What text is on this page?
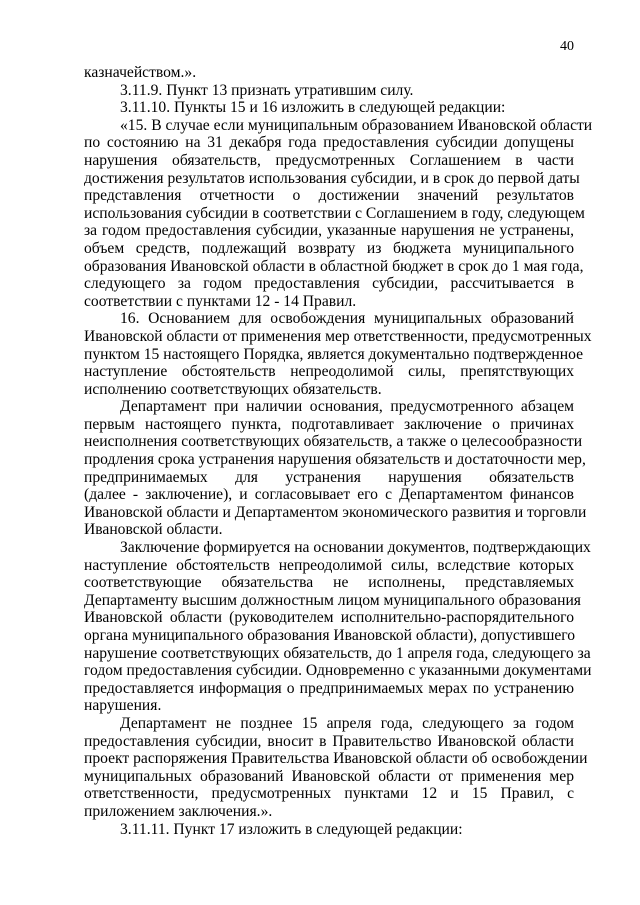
40
казначейством.».
3.11.9. Пункт 13 признать утратившим силу.
3.11.10. Пункты 15 и 16 изложить в следующей редакции:
«15. В случае если муниципальным образованием Ивановской области
по состоянию на 31 декабря года предоставления субсидии допущены
нарушения обязательств, предусмотренных Соглашением в части
достижения результатов использования субсидии, и в срок до первой даты
представления отчетности о достижении значений результатов
использования субсидии в соответствии с Соглашением в году, следующем
за годом предоставления субсидии, указанные нарушения не устранены,
объем средств, подлежащий возврату из бюджета муниципального
образования Ивановской области в областной бюджет в срок до 1 мая года,
следующего за годом предоставления субсидии, рассчитывается в
соответствии с пунктами 12 - 14 Правил.
16. Основанием для освобождения муниципальных образований
Ивановской области от применения мер ответственности, предусмотренных
пунктом 15 настоящего Порядка, является документально подтвержденное
наступление обстоятельств непреодолимой силы, препятствующих
исполнению соответствующих обязательств.
Департамент при наличии основания, предусмотренного абзацем
первым настоящего пункта, подготавливает заключение о причинах
неисполнения соответствующих обязательств, а также о целесообразности
продления срока устранения нарушения обязательств и достаточности мер,
предпринимаемых для устранения нарушения обязательств
(далее - заключение), и согласовывает его с Департаментом финансов
Ивановской области и Департаментом экономического развития и торговли
Ивановской области.
Заключение формируется на основании документов, подтверждающих
наступление обстоятельств непреодолимой силы, вследствие которых
соответствующие обязательства не исполнены, представляемых
Департаменту высшим должностным лицом муниципального образования
Ивановской области (руководителем исполнительно-распорядительного
органа муниципального образования Ивановской области), допустившего
нарушение соответствующих обязательств, до 1 апреля года, следующего за
годом предоставления субсидии. Одновременно с указанными документами
предоставляется информация о предпринимаемых мерах по устранению
нарушения.
Департамент не позднее 15 апреля года, следующего за годом
предоставления субсидии, вносит в Правительство Ивановской области
проект распоряжения Правительства Ивановской области об освобождении
муниципальных образований Ивановской области от применения мер
ответственности, предусмотренных пунктами 12 и 15 Правил, с
приложением заключения.».
3.11.11. Пункт 17 изложить в следующей редакции:
